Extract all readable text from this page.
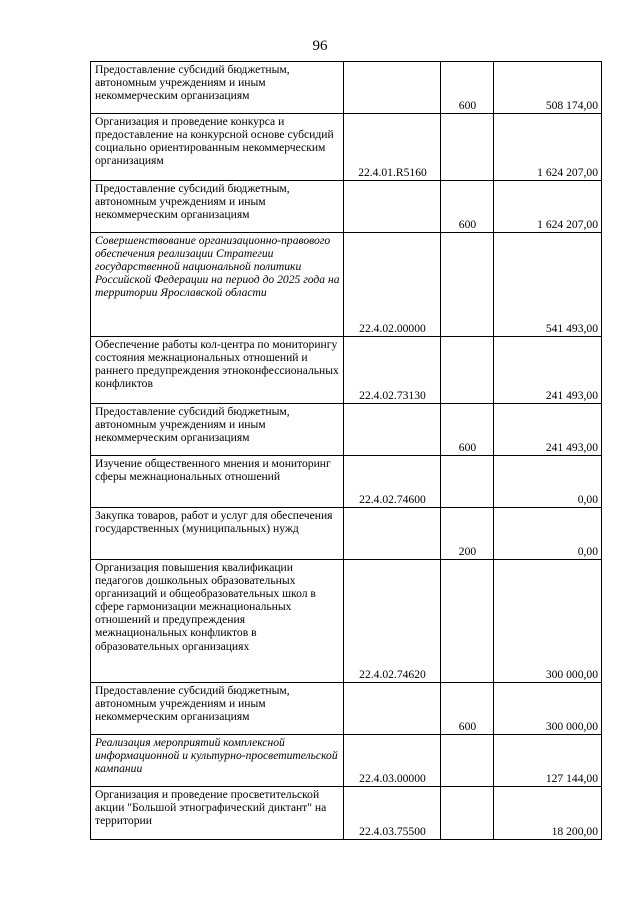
96
Предоставление субсидий бюджетным, автономным учреждениям и иным некоммерческим организациям		600	508 174,00
Организация и проведение конкурса и предоставление на конкурсной основе субсидий социально ориентированным некоммерческим организациям	22.4.01.R5160		1 624 207,00
Предоставление субсидий бюджетным, автономным учреждениям и иным некоммерческим организациям		600	1 624 207,00
Совершенствование организационно-правового обеспечения реализации Стратегии государственной национальной политики Российской Федерации на период до 2025 года на территории Ярославской области	22.4.02.00000		541 493,00
Обеспечение работы кол-центра по мониторингу состояния межнациональных отношений и раннего предупреждения этноконфессиональных конфликтов	22.4.02.73130		241 493,00
Предоставление субсидий бюджетным, автономным учреждениям и иным некоммерческим организациям		600	241 493,00
Изучение общественного мнения и мониторинг сферы межнациональных отношений	22.4.02.74600		0,00
Закупка товаров, работ и услуг для обеспечения государственных (муниципальных) нужд		200	0,00
Организация повышения квалификации педагогов дошкольных образовательных организаций и общеобразовательных школ в сфере гармонизации межнациональных отношений и предупреждения межнациональных конфликтов в образовательных организациях	22.4.02.74620		300 000,00
Предоставление субсидий бюджетным, автономным учреждениям и иным некоммерческим организациям		600	300 000,00
Реализация мероприятий комплексной информационной и культурно-просветительской кампании	22.4.03.00000		127 144,00
Организация и проведение просветительской акции "Большой этнографический диктант" на территории	22.4.03.75500		18 200,00
